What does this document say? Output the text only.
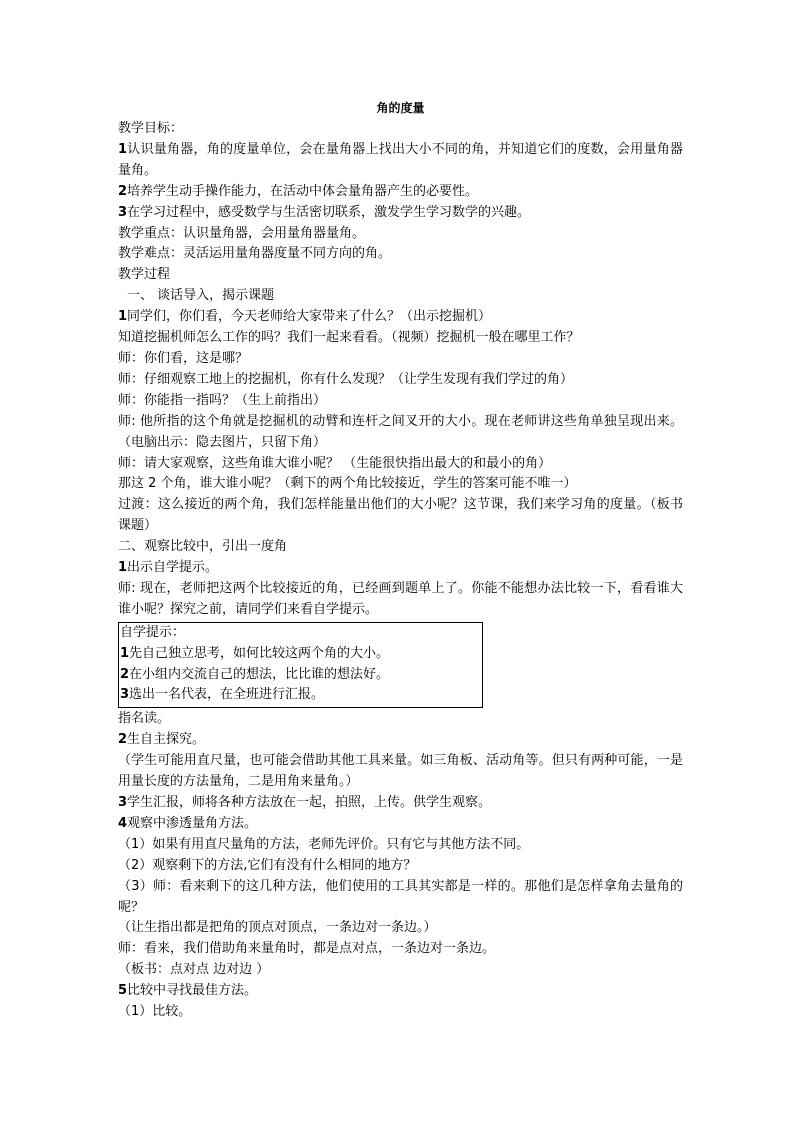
角的度量
教学目标：
1认识量角器，角的度量单位，会在量角器上找出大小不同的角，并知道它们的度数，会用量角器量角。
2培养学生动手操作能力，在活动中体会量角器产生的必要性。
3在学习过程中，感受数学与生活密切联系，激发学生学习数学的兴趣。
教学重点：认识量角器，会用量角器量角。
教学难点：灵活运用量角器度量不同方向的角。
教学过程
一、 谈话导入，揭示课题
1同学们，你们看，今天老师给大家带来了什么？（出示挖掘机）
知道挖掘机师怎么工作的吗？我们一起来看看。（视频）挖掘机一般在哪里工作？
师：你们看，这是哪？
师：仔细观察工地上的挖掘机，你有什么发现？（让学生发现有我们学过的角）
师：你能指一指吗？（生上前指出）
师: 他所指的这个角就是挖掘机的动臂和连杆之间叉开的大小。现在老师讲这些角单独呈现出来。（电脑出示：隐去图片，只留下角）
师：请大家观察，这些角谁大谁小呢？ （生能很快指出最大的和最小的角）
那这 2 个角，谁大谁小呢？（剩下的两个角比较接近，学生的答案可能不唯一）
过渡：这么接近的两个角，我们怎样能量出他们的大小呢？这节课，我们来学习角的度量。（板书课题）
二、观察比较中，引出一度角
1出示自学提示。
师: 现在，老师把这两个比较接近的角，已经画到题单上了。你能不能想办法比较一下，看看谁大谁小呢？探究之前，请同学们来看自学提示。
自学提示：
1先自己独立思考，如何比较这两个角的大小。
2在小组内交流自己的想法，比比谁的想法好。
3选出一名代表，在全班进行汇报。
指名读。
2生自主探究。
（学生可能用直尺量，也可能会借助其他工具来量。如三角板、活动角等。但只有两种可能，一是用量长度的方法量角，二是用角来量角。）
3学生汇报，师将各种方法放在一起，拍照，上传。供学生观察。
4观察中渗透量角方法。
（1）如果有用直尺量角的方法，老师先评价。只有它与其他方法不同。
（2）观察剩下的方法,它们有没有什么相同的地方？
（3）师：看来剩下的这几种方法，他们使用的工具其实都是一样的。那他们是怎样拿角去量角的呢？
（让生指出都是把角的顶点对顶点，一条边对一条边。）
师：看来，我们借助角来量角时，都是点对点，一条边对一条边。
（板书：点对点 边对边 ）
5比较中寻找最佳方法。
（1）比较。
